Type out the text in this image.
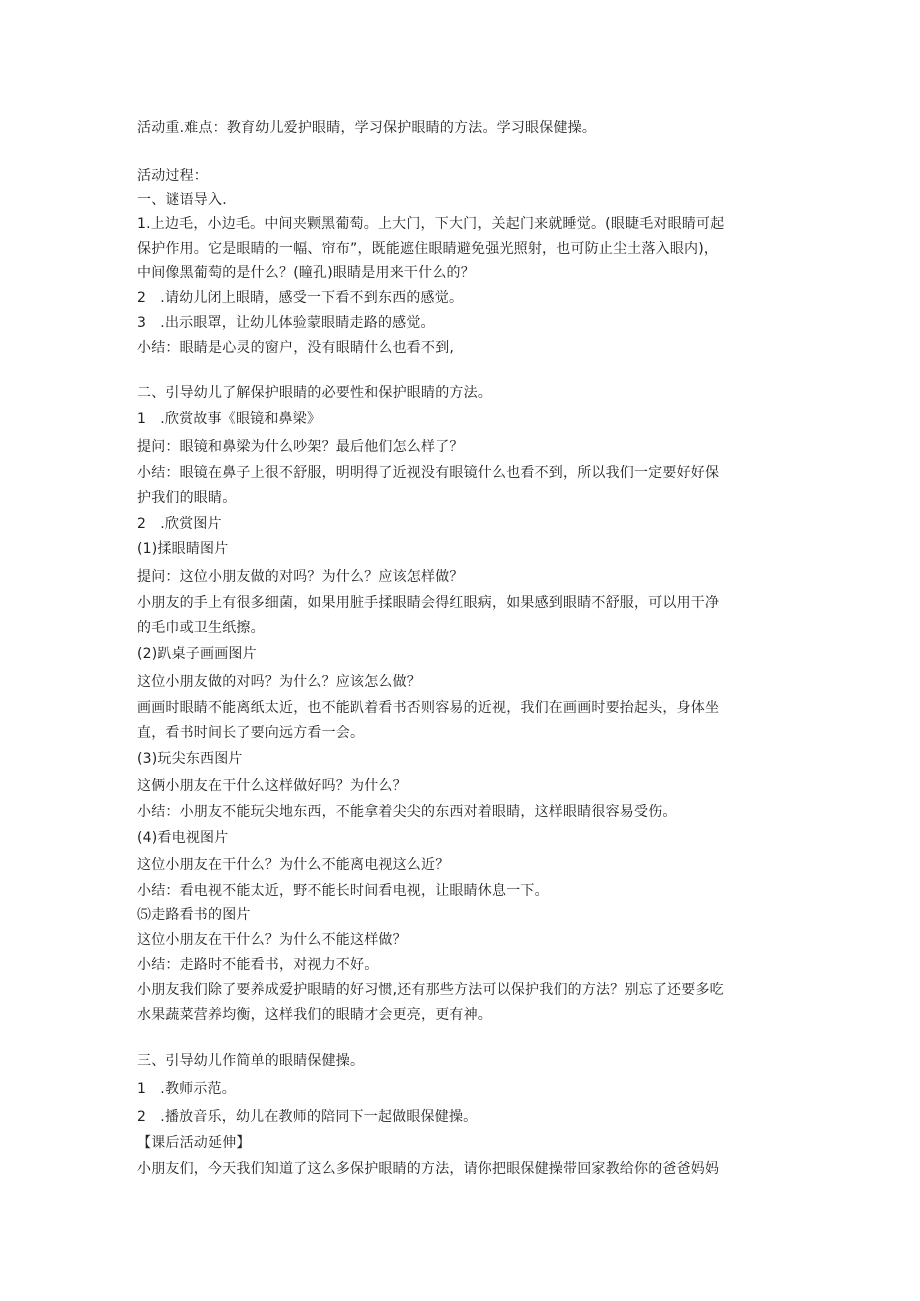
活动重.难点：教育幼儿爱护眼睛，学习保护眼睛的方法。学习眼保健操。
活动过程：
一、谜语导入.
1.上边毛，小边毛。中间夹颗黑葡萄。上大门，下大门，关起门来就睡觉。(眼睫毛对眼睛可起
保护作用。它是眼睛的一幅、帘布”，既能遮住眼睛避免强光照射，也可防止尘土落入眼内)，
中间像黑葡萄的是什么？(瞳孔)眼睛是用来干什么的？
2　.请幼儿闭上眼睛，感受一下看不到东西的感觉。
3　.出示眼罩，让幼儿体验蒙眼睛走路的感觉。
小结：眼睛是心灵的窗户，没有眼睛什么也看不到,
二、引导幼儿了解保护眼睛的必要性和保护眼睛的方法。
1　.欣赏故事《眼镜和鼻梁》
提问：眼镜和鼻梁为什么吵架？最后他们怎么样了？
小结：眼镜在鼻子上很不舒服，明明得了近视没有眼镜什么也看不到，所以我们一定要好好保
护我们的眼睛。
2　.欣赏图片
(1)揉眼睛图片
提问：这位小朋友做的对吗？为什么？应该怎样做？
小朋友的手上有很多细菌，如果用脏手揉眼睛会得红眼病，如果感到眼睛不舒服，可以用干净
的毛巾或卫生纸擦。
(2)趴桌子画画图片
这位小朋友做的对吗？为什么？应该怎么做？
画画时眼睛不能离纸太近，也不能趴着看书否则容易的近视，我们在画画时要抬起头，身体坐
直，看书时间长了要向远方看一会。
(3)玩尖东西图片
这俩小朋友在干什么这样做好吗？为什么？
小结：小朋友不能玩尖地东西，不能拿着尖尖的东西对着眼睛，这样眼睛很容易受伤。
(4)看电视图片
这位小朋友在干什么？为什么不能离电视这么近？
小结：看电视不能太近，野不能长时间看电视，让眼睛休息一下。
⑸走路看书的图片
这位小朋友在干什么？为什么不能这样做？
小结：走路时不能看书，对视力不好。
小朋友我们除了要养成爱护眼睛的好习惯,还有那些方法可以保护我们的方法？别忘了还要多吃
水果蔬菜营养均衡，这样我们的眼睛才会更亮，更有神。
三、引导幼儿作简单的眼睛保健操。
1　.教师示范。
2　.播放音乐，幼儿在教师的陪同下一起做眼保健操。
【课后活动延伸】
小朋友们，今天我们知道了这么多保护眼睛的方法，请你把眼保健操带回家教给你的爸爸妈妈
